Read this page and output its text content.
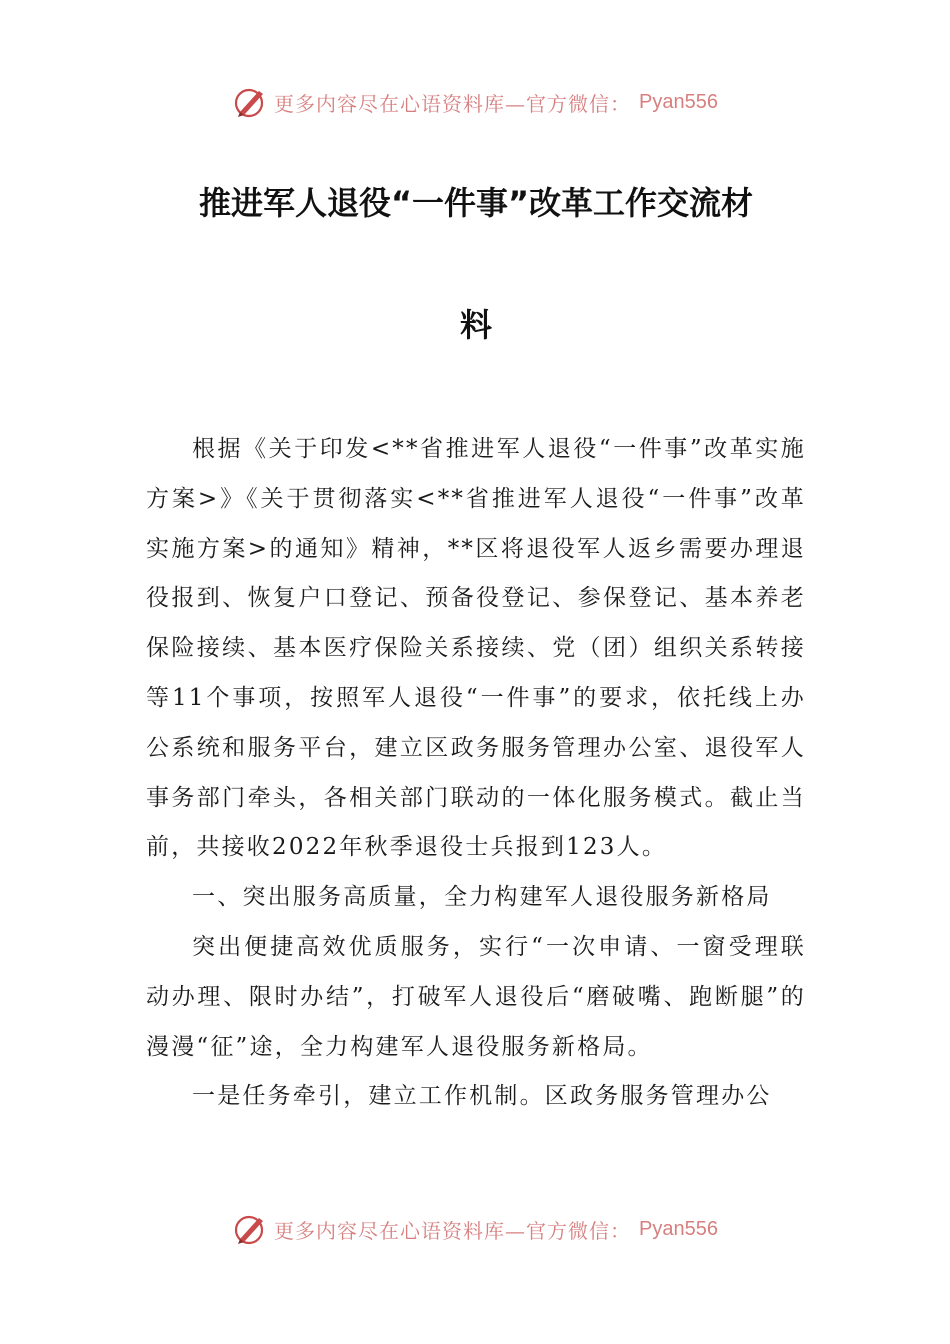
更多内容尽在心语资料库—官方微信： Pyan556
推进军人退役“一件事”改革工作交流材
料

根据《关于印发<**省推进军人退役“一件事”改革实施方案>》《关于贯彻落实<**省推进军人退役“一件事”改革实施方案>的通知》精神，**区将退役军人返乡需要办理退役报到、恢复户口登记、预备役登记、参保登记、基本养老保险接续、基本医疗保险关系接续、党（团）组织关系转接等11个事项，按照军人退役“一件事”的要求，依托线上办公系统和服务平台，建立区政务服务管理办公室、退役军人事务部门牵头，各相关部门联动的一体化服务模式。截止当前，共接收2022年秋季退役士兵报到123人。

一、突出服务高质量，全力构建军人退役服务新格局

突出便捷高效优质服务，实行“一次申请、一窗受理联动办理、限时办结”，打破军人退役后“磨破嘴、跑断腿”的漫漫“征”途，全力构建军人退役服务新格局。

一是任务牵引，建立工作机制。区政务服务管理办公

更多内容尽在心语资料库—官方微信： Pyan556
